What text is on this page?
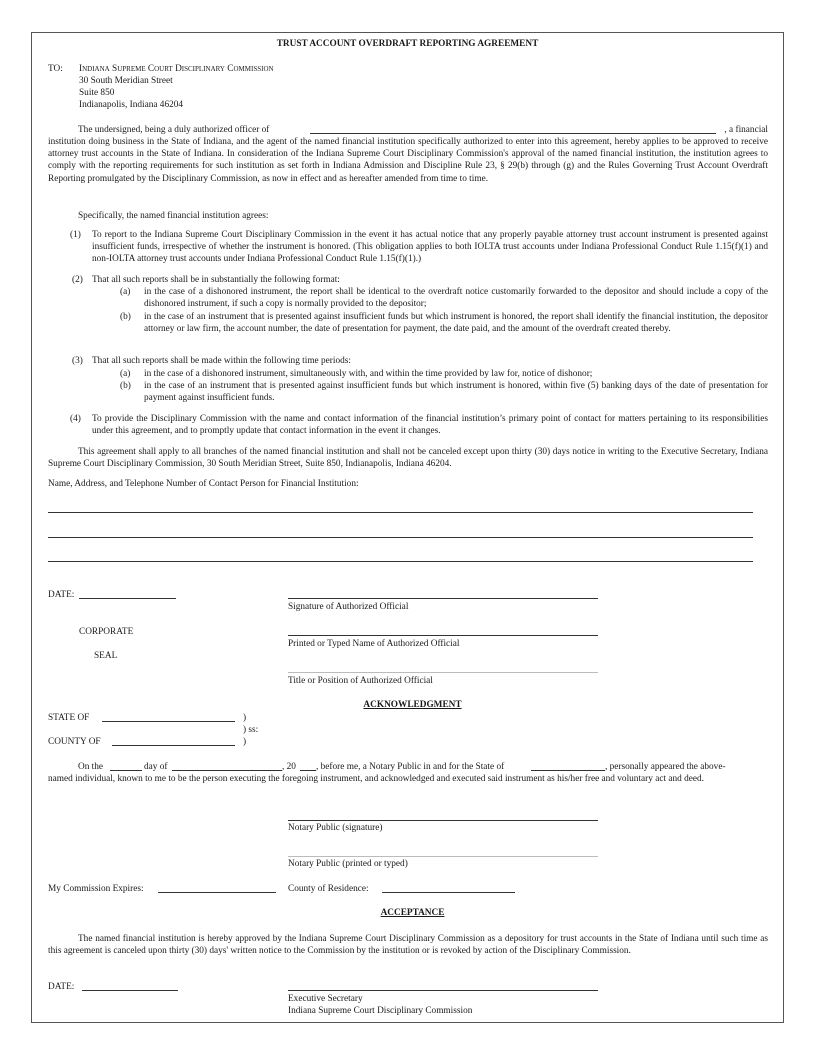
TRUST ACCOUNT OVERDRAFT REPORTING AGREEMENT
TO: Indiana Supreme Court Disciplinary Commission
30 South Meridian Street
Suite 850
Indianapolis, Indiana 46204
The undersigned, being a duly authorized officer of	, a financial
institution doing business in the State of Indiana, and the agent of the named financial institution specifically authorized to enter into this agreement, hereby applies to be approved to receive attorney trust accounts in the State of Indiana. In consideration of the Indiana Supreme Court Disciplinary Commission's approval of the named financial institution, the institution agrees to comply with the reporting requirements for such institution as set forth in Indiana Admission and Discipline Rule 23, § 29(b) through (g) and the Rules Governing Trust Account Overdraft Reporting promulgated by the Disciplinary Commission, as now in effect and as hereafter amended from time to time.
Specifically, the named financial institution agrees:
(1) To report to the Indiana Supreme Court Disciplinary Commission in the event it has actual notice that any properly payable attorney trust account instrument is presented against insufficient funds, irrespective of whether the instrument is honored. (This obligation applies to both IOLTA trust accounts under Indiana Professional Conduct Rule 1.15(f)(1) and non-IOLTA attorney trust accounts under Indiana Professional Conduct Rule 1.15(f)(1).)
(2) That all such reports shall be in substantially the following format:
(a) in the case of a dishonored instrument, the report shall be identical to the overdraft notice customarily forwarded to the depositor and should include a copy of the dishonored instrument, if such a copy is normally provided to the depositor;
(b) in the case of an instrument that is presented against insufficient funds but which instrument is honored, the report shall identify the financial institution, the depositor attorney or law firm, the account number, the date of presentation for payment, the date paid, and the amount of the overdraft created thereby.
(3) That all such reports shall be made within the following time periods:
(a) in the case of a dishonored instrument, simultaneously with, and within the time provided by law for, notice of dishonor;
(b) in the case of an instrument that is presented against insufficient funds but which instrument is honored, within five (5) banking days of the date of presentation for payment against insufficient funds.
(4) To provide the Disciplinary Commission with the name and contact information of the financial institution’s primary point of contact for matters pertaining to its responsibilities under this agreement, and to promptly update that contact information in the event it changes.
This agreement shall apply to all branches of the named financial institution and shall not be canceled except upon thirty (30) days notice in writing to the Executive Secretary, Indiana Supreme Court Disciplinary Commission, 30 South Meridian Street, Suite 850, Indianapolis, Indiana 46204.
Name, Address, and Telephone Number of Contact Person for Financial Institution:
DATE:
Signature of Authorized Official
CORPORATE
SEAL
Printed or Typed Name of Authorized Official
Title or Position of Authorized Official
ACKNOWLEDGMENT
STATE OF	)
) ss:
COUNTY OF	)
On the	day of	, 20 , before me, a Notary Public in and for the State of	, personally appeared the above-
named individual, known to me to be the person executing the foregoing instrument, and acknowledged and executed said instrument as his/her free and voluntary act and deed.
Notary Public (signature)
Notary Public (printed or typed)
My Commission Expires:	County of Residence:
ACCEPTANCE
The named financial institution is hereby approved by the Indiana Supreme Court Disciplinary Commission as a depository for trust accounts in the State of Indiana until such time as this agreement is canceled upon thirty (30) days' written notice to the Commission by the institution or is revoked by action of the Disciplinary Commission.
DATE:
Executive Secretary
Indiana Supreme Court Disciplinary Commission
